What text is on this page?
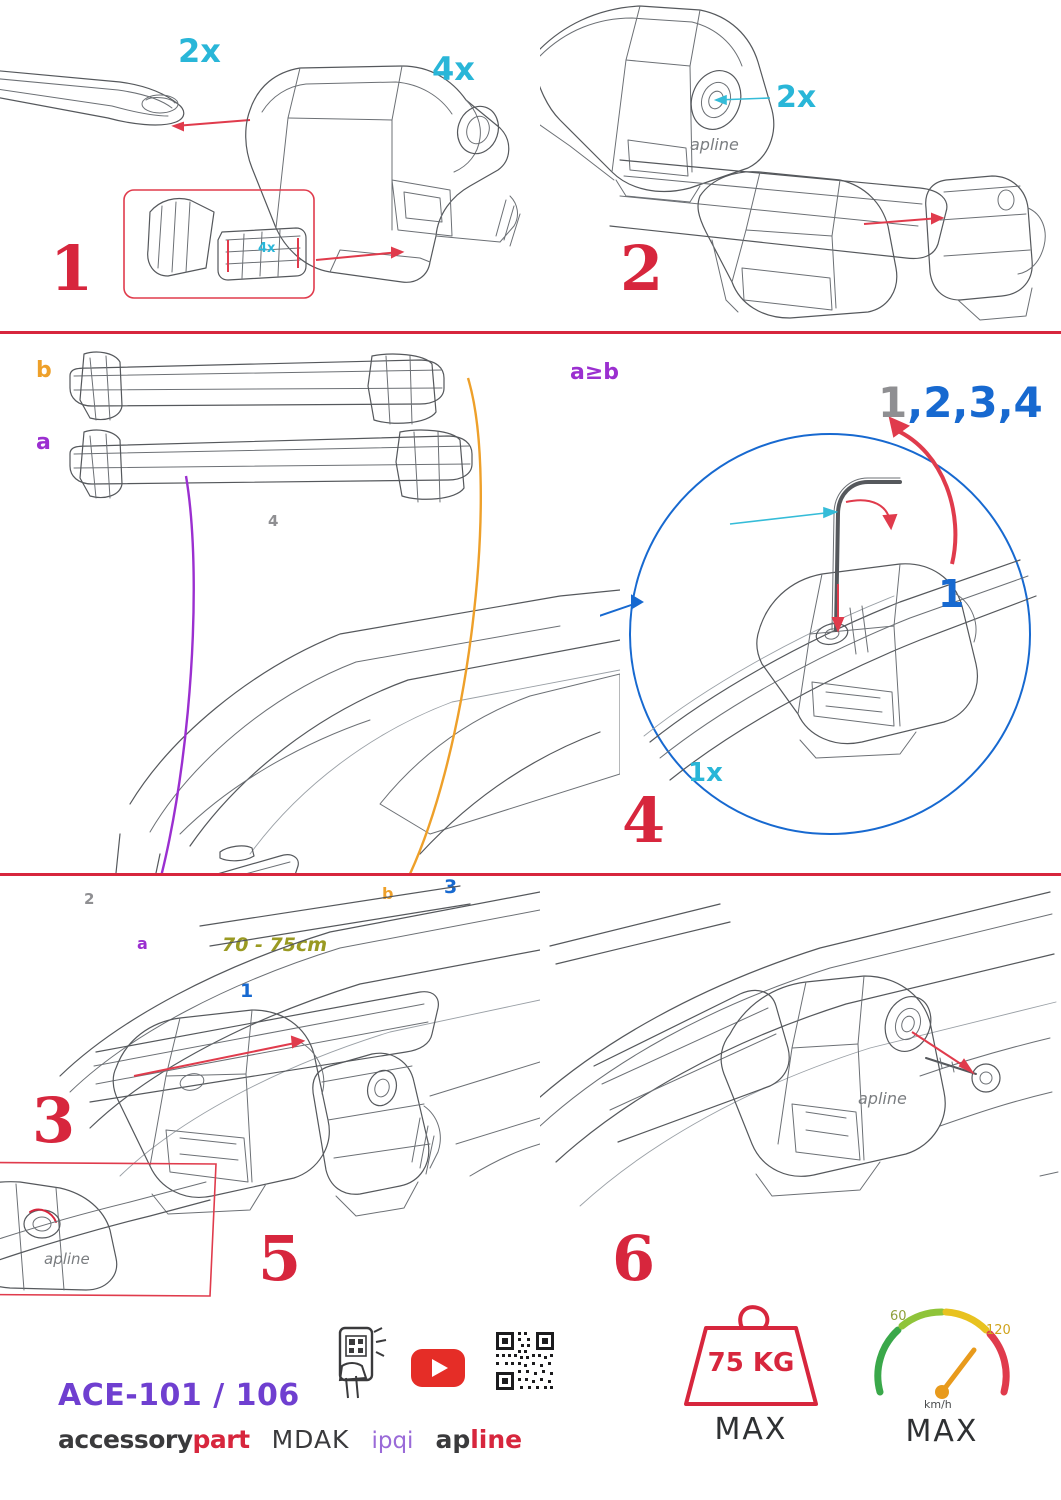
4x
2x	4x
1
apline
2x
2
b
a
a
b
1
2
3
4
70 - 75cm
3
a≥b
1x
1
1,2,3,4
4
apline	5
apline
6
ACE-101 / 106
accessorypart MDAK ipqi apline
75 KG
MAX
60
120
km/h
MAX
